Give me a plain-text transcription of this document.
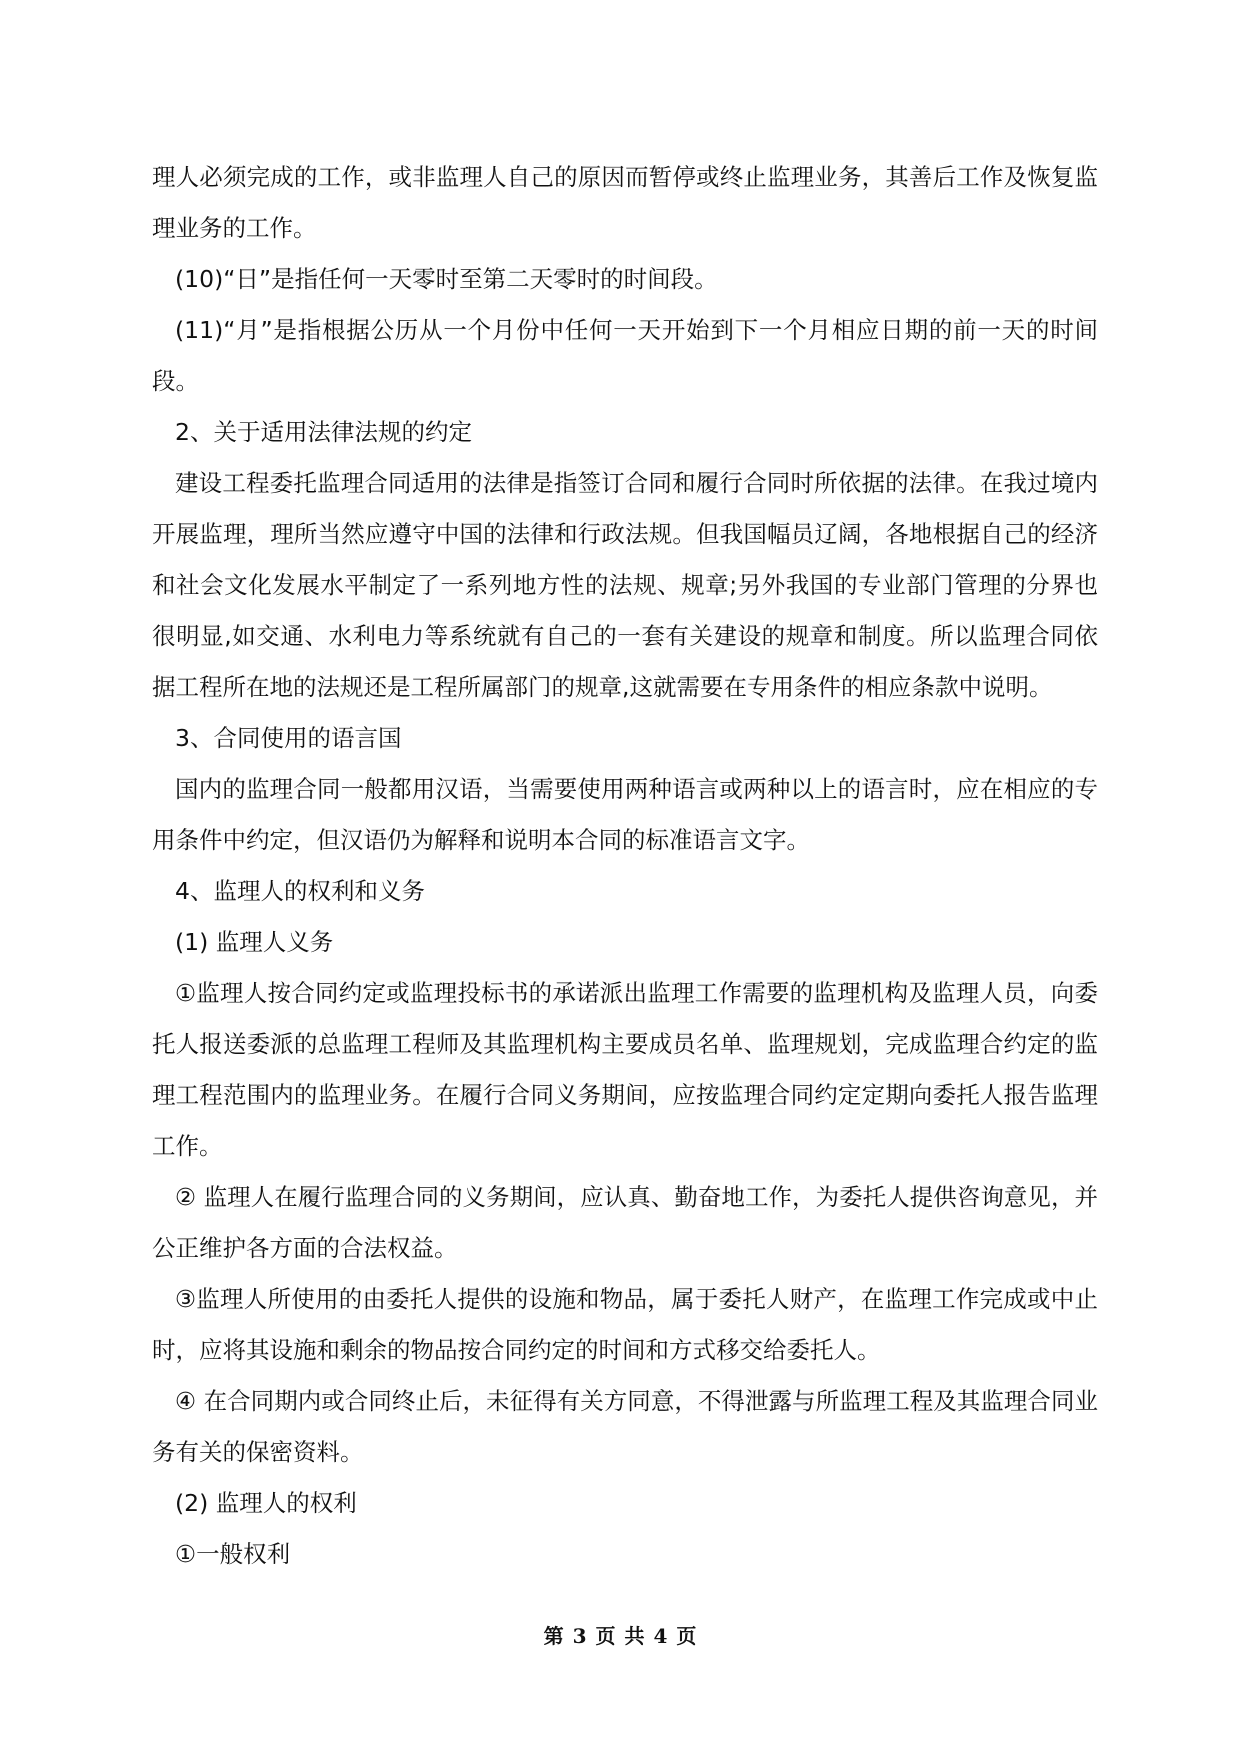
理人必须完成的工作，或非监理人自己的原因而暂停或终止监理业务，其善后工作及恢复监理业务的工作。

(10)“日”是指任何一天零时至第二天零时的时间段。

(11)“月”是指根据公历从一个月份中任何一天开始到下一个月相应日期的前一天的时间段。

2、关于适用法律法规的约定

建设工程委托监理合同适用的法律是指签订合同和履行合同时所依据的法律。在我过境内开展监理，理所当然应遵守中国的法律和行政法规。但我国幅员辽阔，各地根据自己的经济和社会文化发展水平制定了一系列地方性的法规、规章;另外我国的专业部门管理的分界也很明显,如交通、水利电力等系统就有自己的一套有关建设的规章和制度。所以监理合同依据工程所在地的法规还是工程所属部门的规章,这就需要在专用条件的相应条款中说明。

3、合同使用的语言国

国内的监理合同一般都用汉语，当需要使用两种语言或两种以上的语言时，应在相应的专用条件中约定，但汉语仍为解释和说明本合同的标准语言文字。

4、监理人的权利和义务

(1) 监理人义务

①监理人按合同约定或监理投标书的承诺派出监理工作需要的监理机构及监理人员，向委托人报送委派的总监理工程师及其监理机构主要成员名单、监理规划，完成监理合约定的监理工程范围内的监理业务。在履行合同义务期间，应按监理合同约定定期向委托人报告监理工作。

② 监理人在履行监理合同的义务期间，应认真、勤奋地工作，为委托人提供咨询意见，并公正维护各方面的合法权益。

③监理人所使用的由委托人提供的设施和物品，属于委托人财产，在监理工作完成或中止时，应将其设施和剩余的物品按合同约定的时间和方式移交给委托人。

④ 在合同期内或合同终止后，未征得有关方同意，不得泄露与所监理工程及其监理合同业务有关的保密资料。

(2) 监理人的权利

①一般权利

第 3 页 共 4 页
